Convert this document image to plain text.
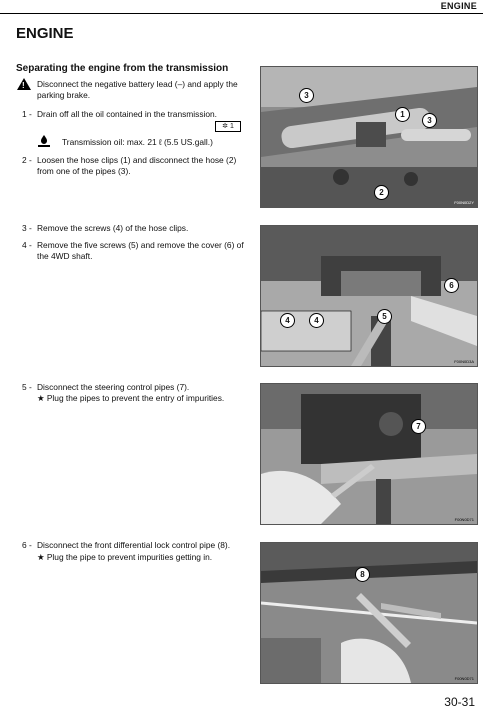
ENGINE
ENGINE
Separating the engine from the transmission
! Disconnect the negative battery lead (–) and apply the
parking brake.
1 - Drain off all the oil contained in the transmission.
✲ 1
Transmission oil: max. 21 ℓ (5.5 US.gall.)
2 - Loosen the hose clips (1) and disconnect the hose (2)
from one of the pipes (3).
3 - Remove the screws (4) of the hose clips.
4 - Remove the five screws (5) and remove the cover (6) of
the 4WD shaft.
5 - Disconnect the steering control pipes (7).
★ Plug the pipes to prevent the entry of impurities.
6 - Disconnect the front differential lock control pipe (8).
★ Plug the pipe to prevent impurities getting in.
3
1
2
3
F00N0D2Y
6
5
4	4
F00N0D3A
7
F00N0D71
8
F00N0D71
30-31
